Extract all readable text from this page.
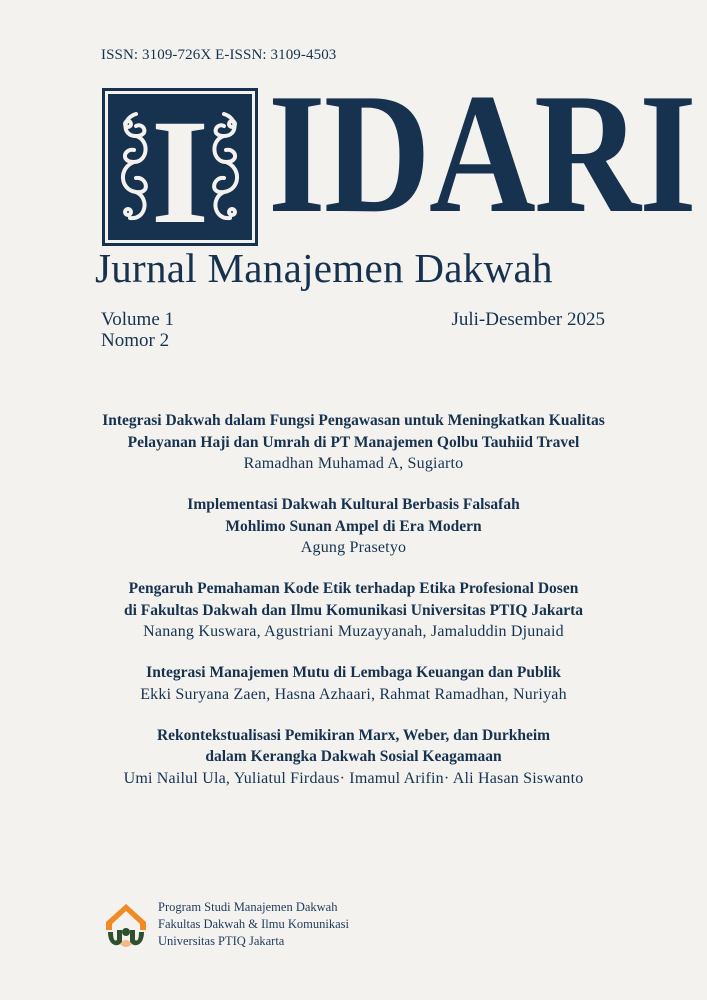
ISSN: 3109-726X E-ISSN: 3109-4503
I IDARI
Jurnal Manajemen Dakwah
Volume 1
Nomor 2
Juli-Desember 2025
Integrasi Dakwah dalam Fungsi Pengawasan untuk Meningkatkan Kualitas
Pelayanan Haji dan Umrah di PT Manajemen Qolbu Tauhiid Travel
Ramadhan Muhamad A, Sugiarto
Implementasi Dakwah Kultural Berbasis Falsafah
Mohlimo Sunan Ampel di Era Modern
Agung Prasetyo
Pengaruh Pemahaman Kode Etik terhadap Etika Profesional Dosen
di Fakultas Dakwah dan Ilmu Komunikasi Universitas PTIQ Jakarta
Nanang Kuswara, Agustriani Muzayyanah, Jamaluddin Djunaid
Integrasi Manajemen Mutu di Lembaga Keuangan dan Publik
Ekki Suryana Zaen, Hasna Azhaari, Rahmat Ramadhan, Nuriyah
Rekontekstualisasi Pemikiran Marx, Weber, dan Durkheim
dalam Kerangka Dakwah Sosial Keagamaan
Umi Nailul Ula, Yuliatul Firdaus· Imamul Arifin· Ali Hasan Siswanto
Program Studi Manajemen Dakwah
Fakultas Dakwah & Ilmu Komunikasi
Universitas PTIQ Jakarta
